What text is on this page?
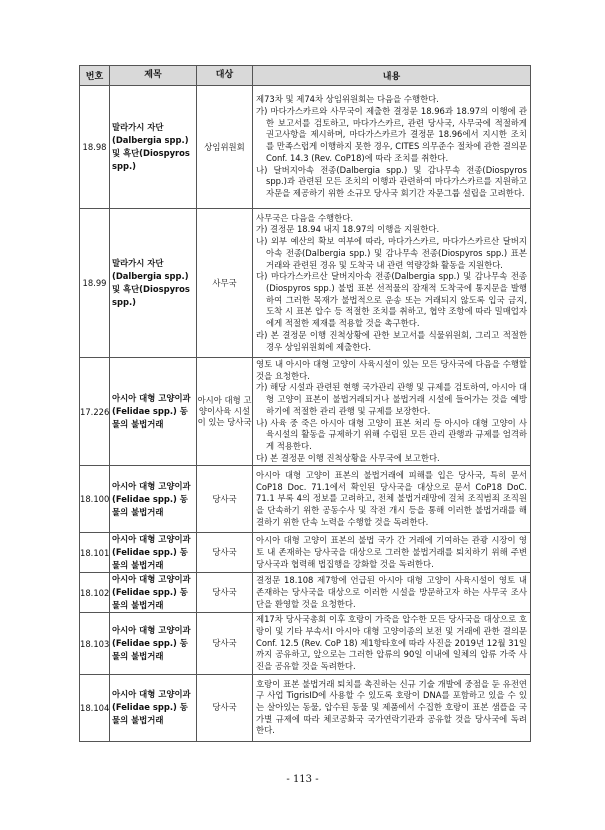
번호	제목	대상	내용
18.98	말라가시 자단(Dalbergia spp.) 및 흑단(Diospyros spp.)	상임위원회	제73차 및 제74차 상임위원회는 다음을 수행한다.
가) 마다가스카르와 사무국이 제출한 결정문 18.96과 18.97의 이행에 관한 보고서를 검토하고, 마다가스카르, 관련 당사국, 사무국에 적절하게 권고사항을 제시하며, 마다가스카르가 결정문 18.96에서 지시한 조치를 만족스럽게 이행하지 못한 경우, CITES 의무준수 절차에 관한 결의문 Conf. 14.3 (Rev. CoP18)에 따라 조치를 취한다.
나) 달버지아속 전종(Dalbergia spp.) 및 감나무속 전종(Diospyros spp.)과 관련된 모든 조치의 이행과 관련하여 마다가스카르를 지원하고 자문을 제공하기 위한 소규모 당사국 회기간 자문그룹 설립을 고려한다.

18.99	말라가시 자단(Dalbergia spp.) 및 흑단(Diospyros spp.)	사무국	사무국은 다음을 수행한다.
가) 결정문 18.94 내지 18.97의 이행을 지원한다.
나) 외부 예산의 확보 여부에 따라, 마다가스카르, 마다가스카르산 달버지아속 전종(Dalbergia spp.) 및 감나무속 전종(Diospyros spp.) 표본 거래와 관련된 경유 및 도착국 내 관련 역량강화 활동을 지원한다.
다) 마다가스카르산 달버지아속 전종(Dalbergia spp.) 및 감나무속 전종(Diospyros spp.) 불법 표본 선적물의 잠재적 도착국에 통지문을 발행하여 그러한 목재가 불법적으로 운송 또는 거래되지 않도록 입국 금지, 도착 시 표본 압수 등 적절한 조치를 취하고, 협약 조항에 따라 밀매업자에게 적절한 제재를 적용할 것을 촉구한다.
라) 본 결정문 이행 진척상황에 관한 보고서를 식물위원회, 그리고 적절한 경우 상임위원회에 제출한다.

17.226	아시아 대형 고양이과(Felidae spp.) 동물의 불법거래	아시아 대형 고양이사육 시설이 있는 당사국	영토 내 아시아 대형 고양이 사육시설이 있는 모든 당사국에 다음을 수행할 것을 요청한다.
가) 해당 시설과 관련된 현행 국가관리 관행 및 규제를 검토하여, 아시아 대형 고양이 표본이 불법거래되거나 불법거래 시설에 들어가는 것을 예방하기에 적절한 관리 관행 및 규제를 보장한다.
나) 사육 중 죽은 아시아 대형 고양이 표본 처리 등 아시아 대형 고양이 사육시설의 활동을 규제하기 위해 수립된 모든 관리 관행과 규제를 엄격하게 적용한다.
다) 본 결정문 이행 진척상황을 사무국에 보고한다.

18.100	아시아 대형 고양이과(Felidae spp.) 동물의 불법거래	당사국	아시아 대형 고양이 표본의 불법거래에 피해를 입은 당사국, 특히 문서 CoP18 Doc. 71.1에서 확인된 당사국을 대상으로 문서 CoP18 DoC. 71.1 부록 4의 정보를 고려하고, 전체 불법거래망에 걸쳐 조직범죄 조직원을 단속하기 위한 공동수사 및 작전 개시 등을 통해 이러한 불법거래를 해결하기 위한 단속 노력을 수행할 것을 독려한다.

18.101	아시아 대형 고양이과(Felidae spp.) 동물의 불법거래	당사국	아시아 대형 고양이 표본의 불법 국가 간 거래에 기여하는 관광 시장이 영토 내 존재하는 당사국을 대상으로 그러한 불법거래를 퇴치하기 위해 주변 당사국과 협력해 법집행을 강화할 것을 독려한다.

18.102	아시아 대형 고양이과(Felidae spp.) 동물의 불법거래	당사국	결정문 18.108 제7항에 언급된 아시아 대형 고양이 사육시설이 영토 내 존재하는 당사국을 대상으로 이러한 시설을 방문하고자 하는 사무국 조사단을 환영할 것을 요청한다.

18.103	아시아 대형 고양이과(Felidae spp.) 동물의 불법거래	당사국	제17차 당사국총회 이후 호랑이 가죽을 압수한 모든 당사국을 대상으로 호랑이 및 기타 부속서Ⅰ 아시아 대형 고양이종의 보전 및 거래에 관한 결의문 Conf. 12.5 (Rev. CoP 18) 제1항타호에 따라 사진을 2019년 12월 31일까지 공유하고, 앞으로는 그러한 압류의 90일 이내에 일체의 압류 가죽 사진을 공유할 것을 독려한다.

18.104	아시아 대형 고양이과(Felidae spp.) 동물의 불법거래	당사국	호랑이 표본 불법거래 퇴치를 촉진하는 신규 기술 개발에 중점을 둔 유전연구 사업 TigrisID에 사용할 수 있도록 호랑이 DNA를 포함하고 있을 수 있는 살아있는 동물, 압수된 동물 및 제품에서 수집한 호랑이 표본 샘플을 국가별 규제에 따라 체코공화국 국가연락기관과 공유할 것을 당사국에 독려한다.
- 113 -
